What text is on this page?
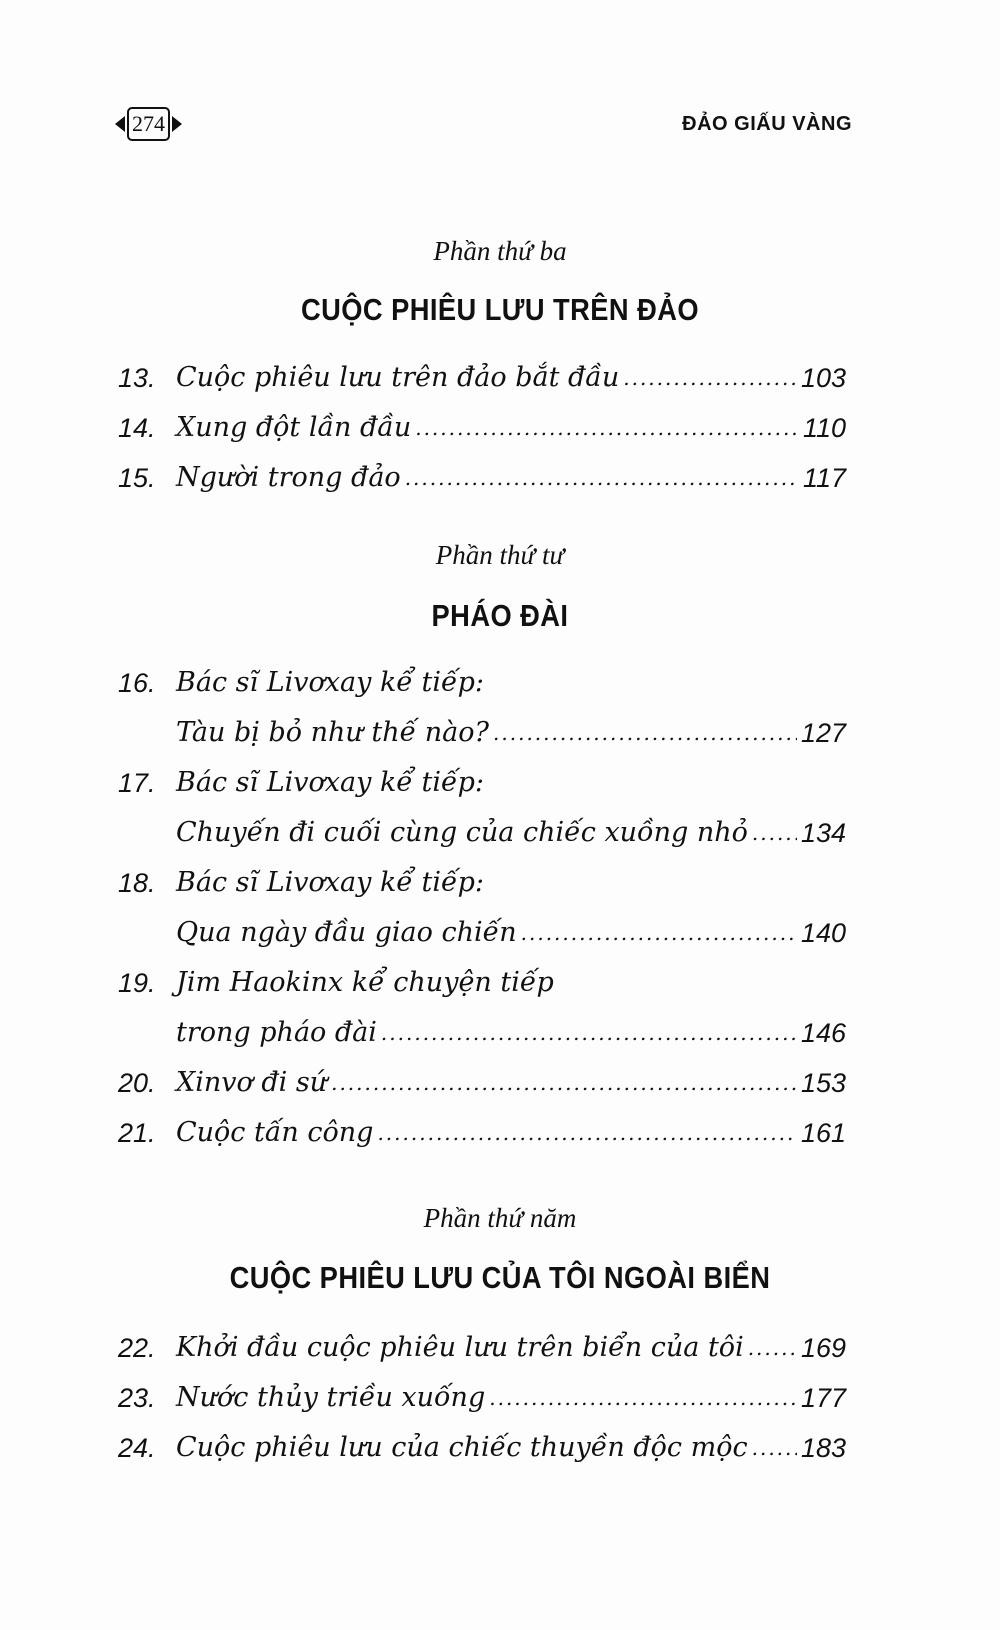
274	ĐẢO GIẤU VÀNG
Phần thứ ba
CUỘC PHIÊU LƯU TRÊN ĐẢO
13. Cuộc phiêu lưu trên đảo bắt đầu .....	103
14. Xung đột lần đầu .....	110
15. Người trong đảo .....	117
Phần thứ tư
PHÁO ĐÀI
16. Bác sĩ Livơxay kể tiếp:
Tàu bị bỏ như thế nào? .....	127
17. Bác sĩ Livơxay kể tiếp:
Chuyến đi cuối cùng của chiếc xuồng nhỏ ..... 134
18. Bác sĩ Livơxay kể tiếp:
Qua ngày đầu giao chiến .....	140
19. Jim Haokinx kể chuyện tiếp
trong pháo đài .....	146
20. Xinvơ đi sứ .....	153
21. Cuộc tấn công .....	161
Phần thứ năm
CUỘC PHIÊU LƯU CỦA TÔI NGOÀI BIỂN
22. Khởi đầu cuộc phiêu lưu trên biển của tôi ..... 169
23. Nước thủy triều xuống .....	177
24. Cuộc phiêu lưu của chiếc thuyền độc mộc ..... 183
